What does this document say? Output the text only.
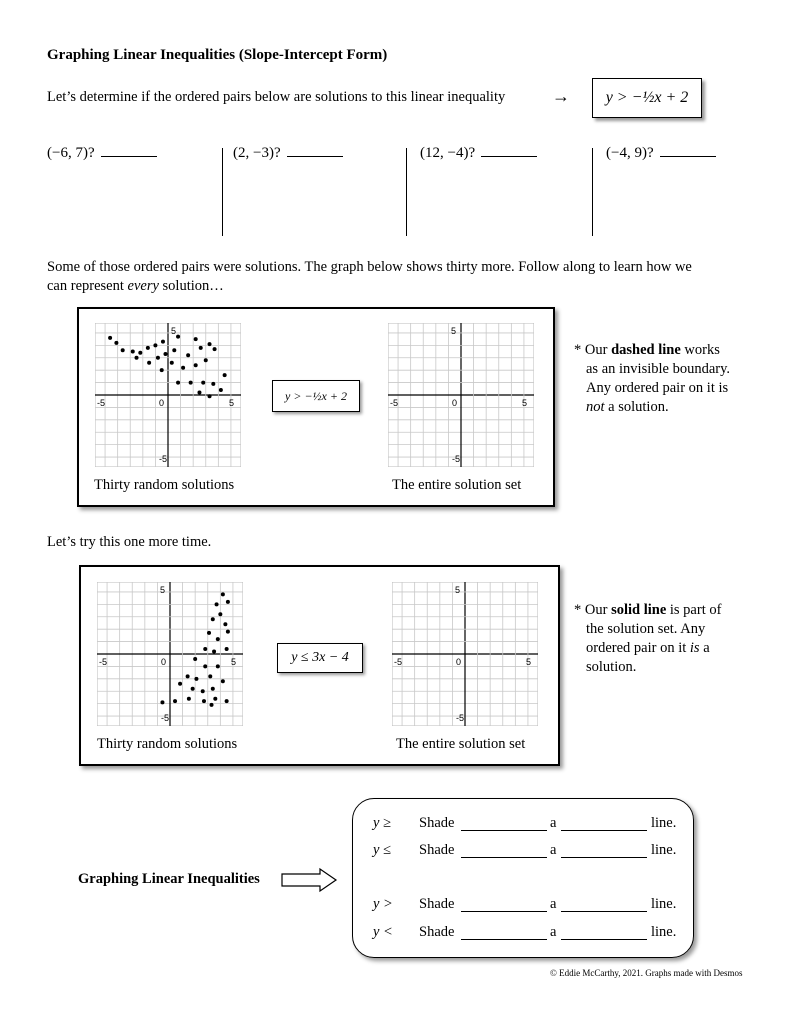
Graphing Linear Inequalities (Slope-Intercept Form)
Let’s determine if the ordered pairs below are solutions to this linear inequality	→	y > −½x + 2
(−6, 7)?	(2, −3)?	(12, −4)?	(−4, 9)?
Some of those ordered pairs were solutions. The graph below shows thirty more. Follow along to learn how we
can represent every solution…
-5	0	5
5
-5
y > −½x + 2
-5	0	5
5
-5
Thirty random solutions	The entire solution set
* Our dashed line works
as an invisible boundary.
Any ordered pair on it is
not a solution.
Let’s try this one more time.
-5	0	5
5
-5
y ≤ 3x − 4	-5	0	5
5
-5
Thirty random solutions	The entire solution set
* Our solid line is part of
the solution set. Any
ordered pair on it is a
solution.
Graphing Linear Inequalities
y ≥ Shade	a	line.
y ≤ Shade	a	line.
y > Shade	a	line.
y < Shade	a	line.
© Eddie McCarthy, 2021. Graphs made with Desmos
